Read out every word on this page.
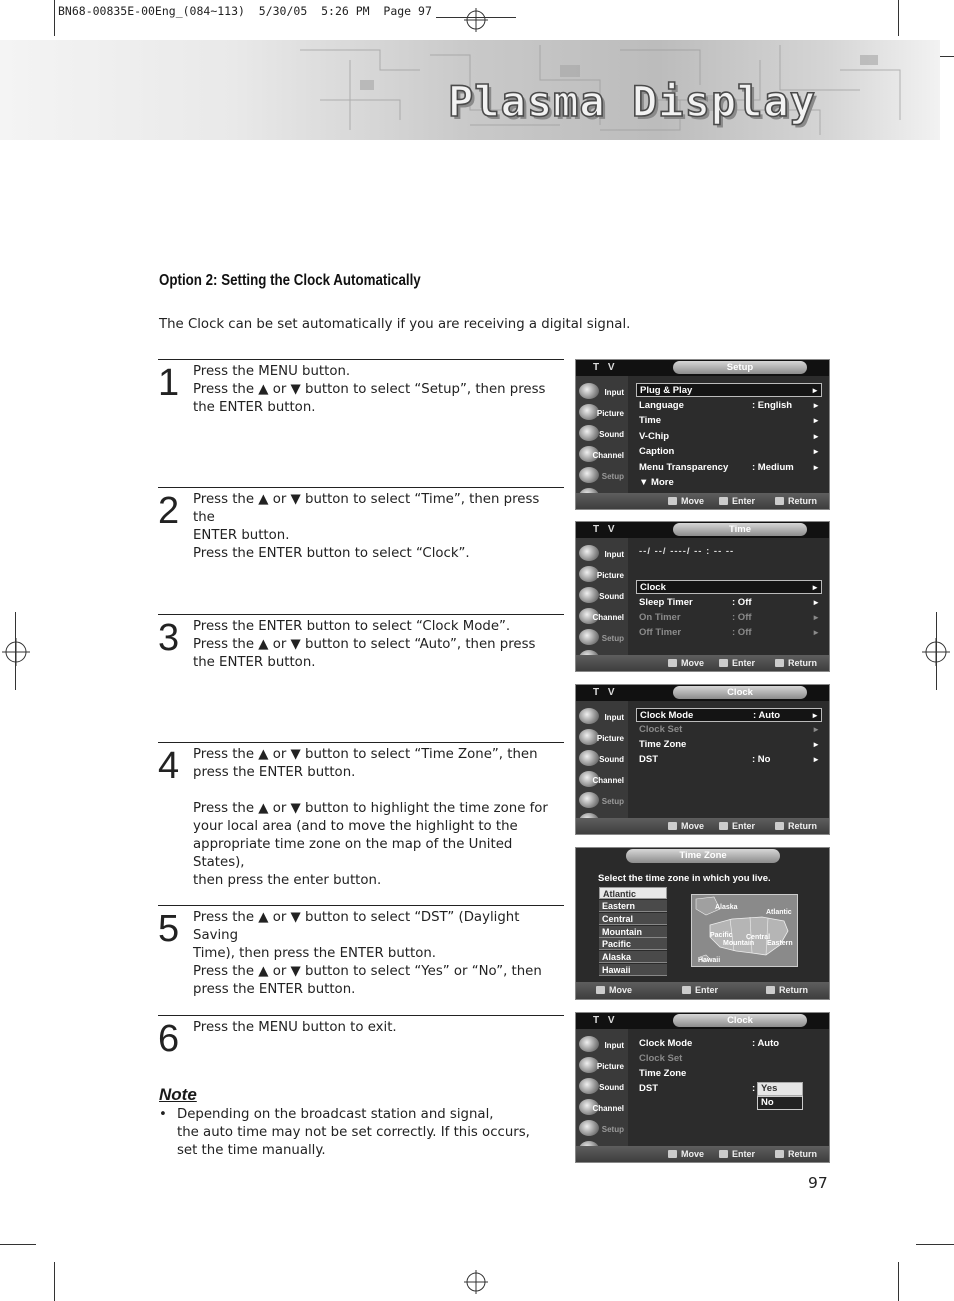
BN68-00835E-00Eng_(084~113)  5/30/05  5:26 PM  Page 97
Plasma Display
Option 2: Setting the Clock Automatically
The Clock can be set automatically if you are receiving a digital signal.
1 Press the MENU button.
Press the ▲ or ▼ button to select “Setup”, then press
the ENTER button.
2 Press the ▲ or ▼ button to select “Time”, then press the
ENTER button.
Press the ENTER button to select “Clock”.
3 Press the ENTER button to select “Clock Mode”.
Press the ▲ or ▼ button to select “Auto”, then press
the ENTER button.
4 Press the ▲ or ▼ button to select “Time Zone”, then
press the ENTER button.

Press the ▲ or ▼ button to highlight the time zone for
your local area (and to move the highlight to the
appropriate time zone on the map of the United States),
then press the enter button.
5 Press the ▲ or ▼ button to select “DST” (Daylight Saving
Time), then press the ENTER button.
Press the ▲ or ▼ button to select “Yes” or “No”, then
press the ENTER button.
6 Press the MENU button to exit.
Note
• Depending on the broadcast station and signal,
the auto time may not be set correctly. If this occurs,
set the time manually.
97
T V	Setup
Input
Picture
Sound
Channel
Setup
Plug & Play	►
Language	: English ►
Time	►
V-Chip	►
Caption	►
Menu Transparency	: Medium ►
▼ More
Move	Enter	Return
T V	Time
Input
Picture
Sound
Channel
Setup
--/ --/ ----/ -- : -- --
Clock	►
Sleep Timer	: Off	►
On Timer	: Off	►
Off Timer	: Off	►
Move	Enter	Return
T V	Clock
Input
Picture
Sound
Channel
Setup
Clock Mode	: Auto	►
Clock Set	►
Time Zone	►
DST	: No	►
Move	Enter	Return
Time Zone
Select the time zone in which you live.
Atlantic
Eastern
Central
Mountain
Pacific
Alaska
Hawaii
Alaska
Atlantic
Pacific
Mountain
Central
Eastern
Hawaii
Move	Enter	Return
T V	Clock
Input
Picture
Sound
Channel
Setup
Clock Mode	: Auto
Clock Set
Time Zone
DST	: Yes
No
Move	Enter	Return
